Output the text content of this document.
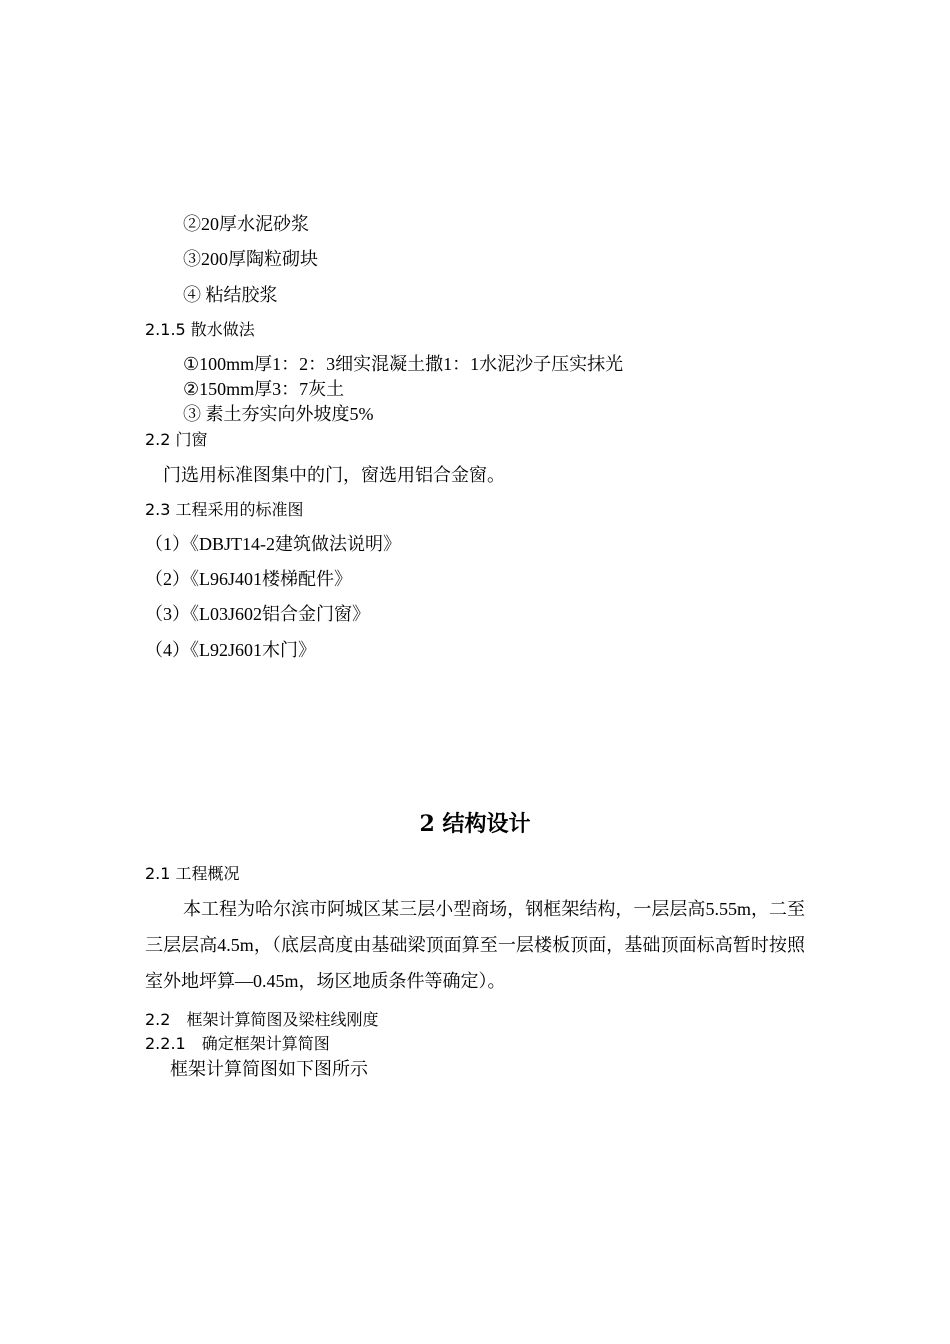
②20厚水泥砂浆
③200厚陶粒砌块
④ 粘结胶浆
2.1.5 散水做法
①100mm厚1：2：3细实混凝土撒1：1水泥沙子压实抹光
②150mm厚3：7灰土
③ 素土夯实向外坡度5%
2.2 门窗
门选用标准图集中的门，窗选用铝合金窗。
2.3 工程采用的标准图
（1）《DBJT14-2建筑做法说明》
（2）《L96J401楼梯配件》
（3）《L03J602铝合金门窗》
（4）《L92J601木门》
2 结构设计
2.1 工程概况
本工程为哈尔滨市阿城区某三层小型商场，钢框架结构，一层层高5.55m，二至三层层高4.5m，（底层高度由基础梁顶面算至一层楼板顶面，基础顶面标高暂时按照室外地坪算—0.45m，场区地质条件等确定）。
2.2　框架计算简图及梁柱线刚度
2.2.1　确定框架计算简图
框架计算简图如下图所示
